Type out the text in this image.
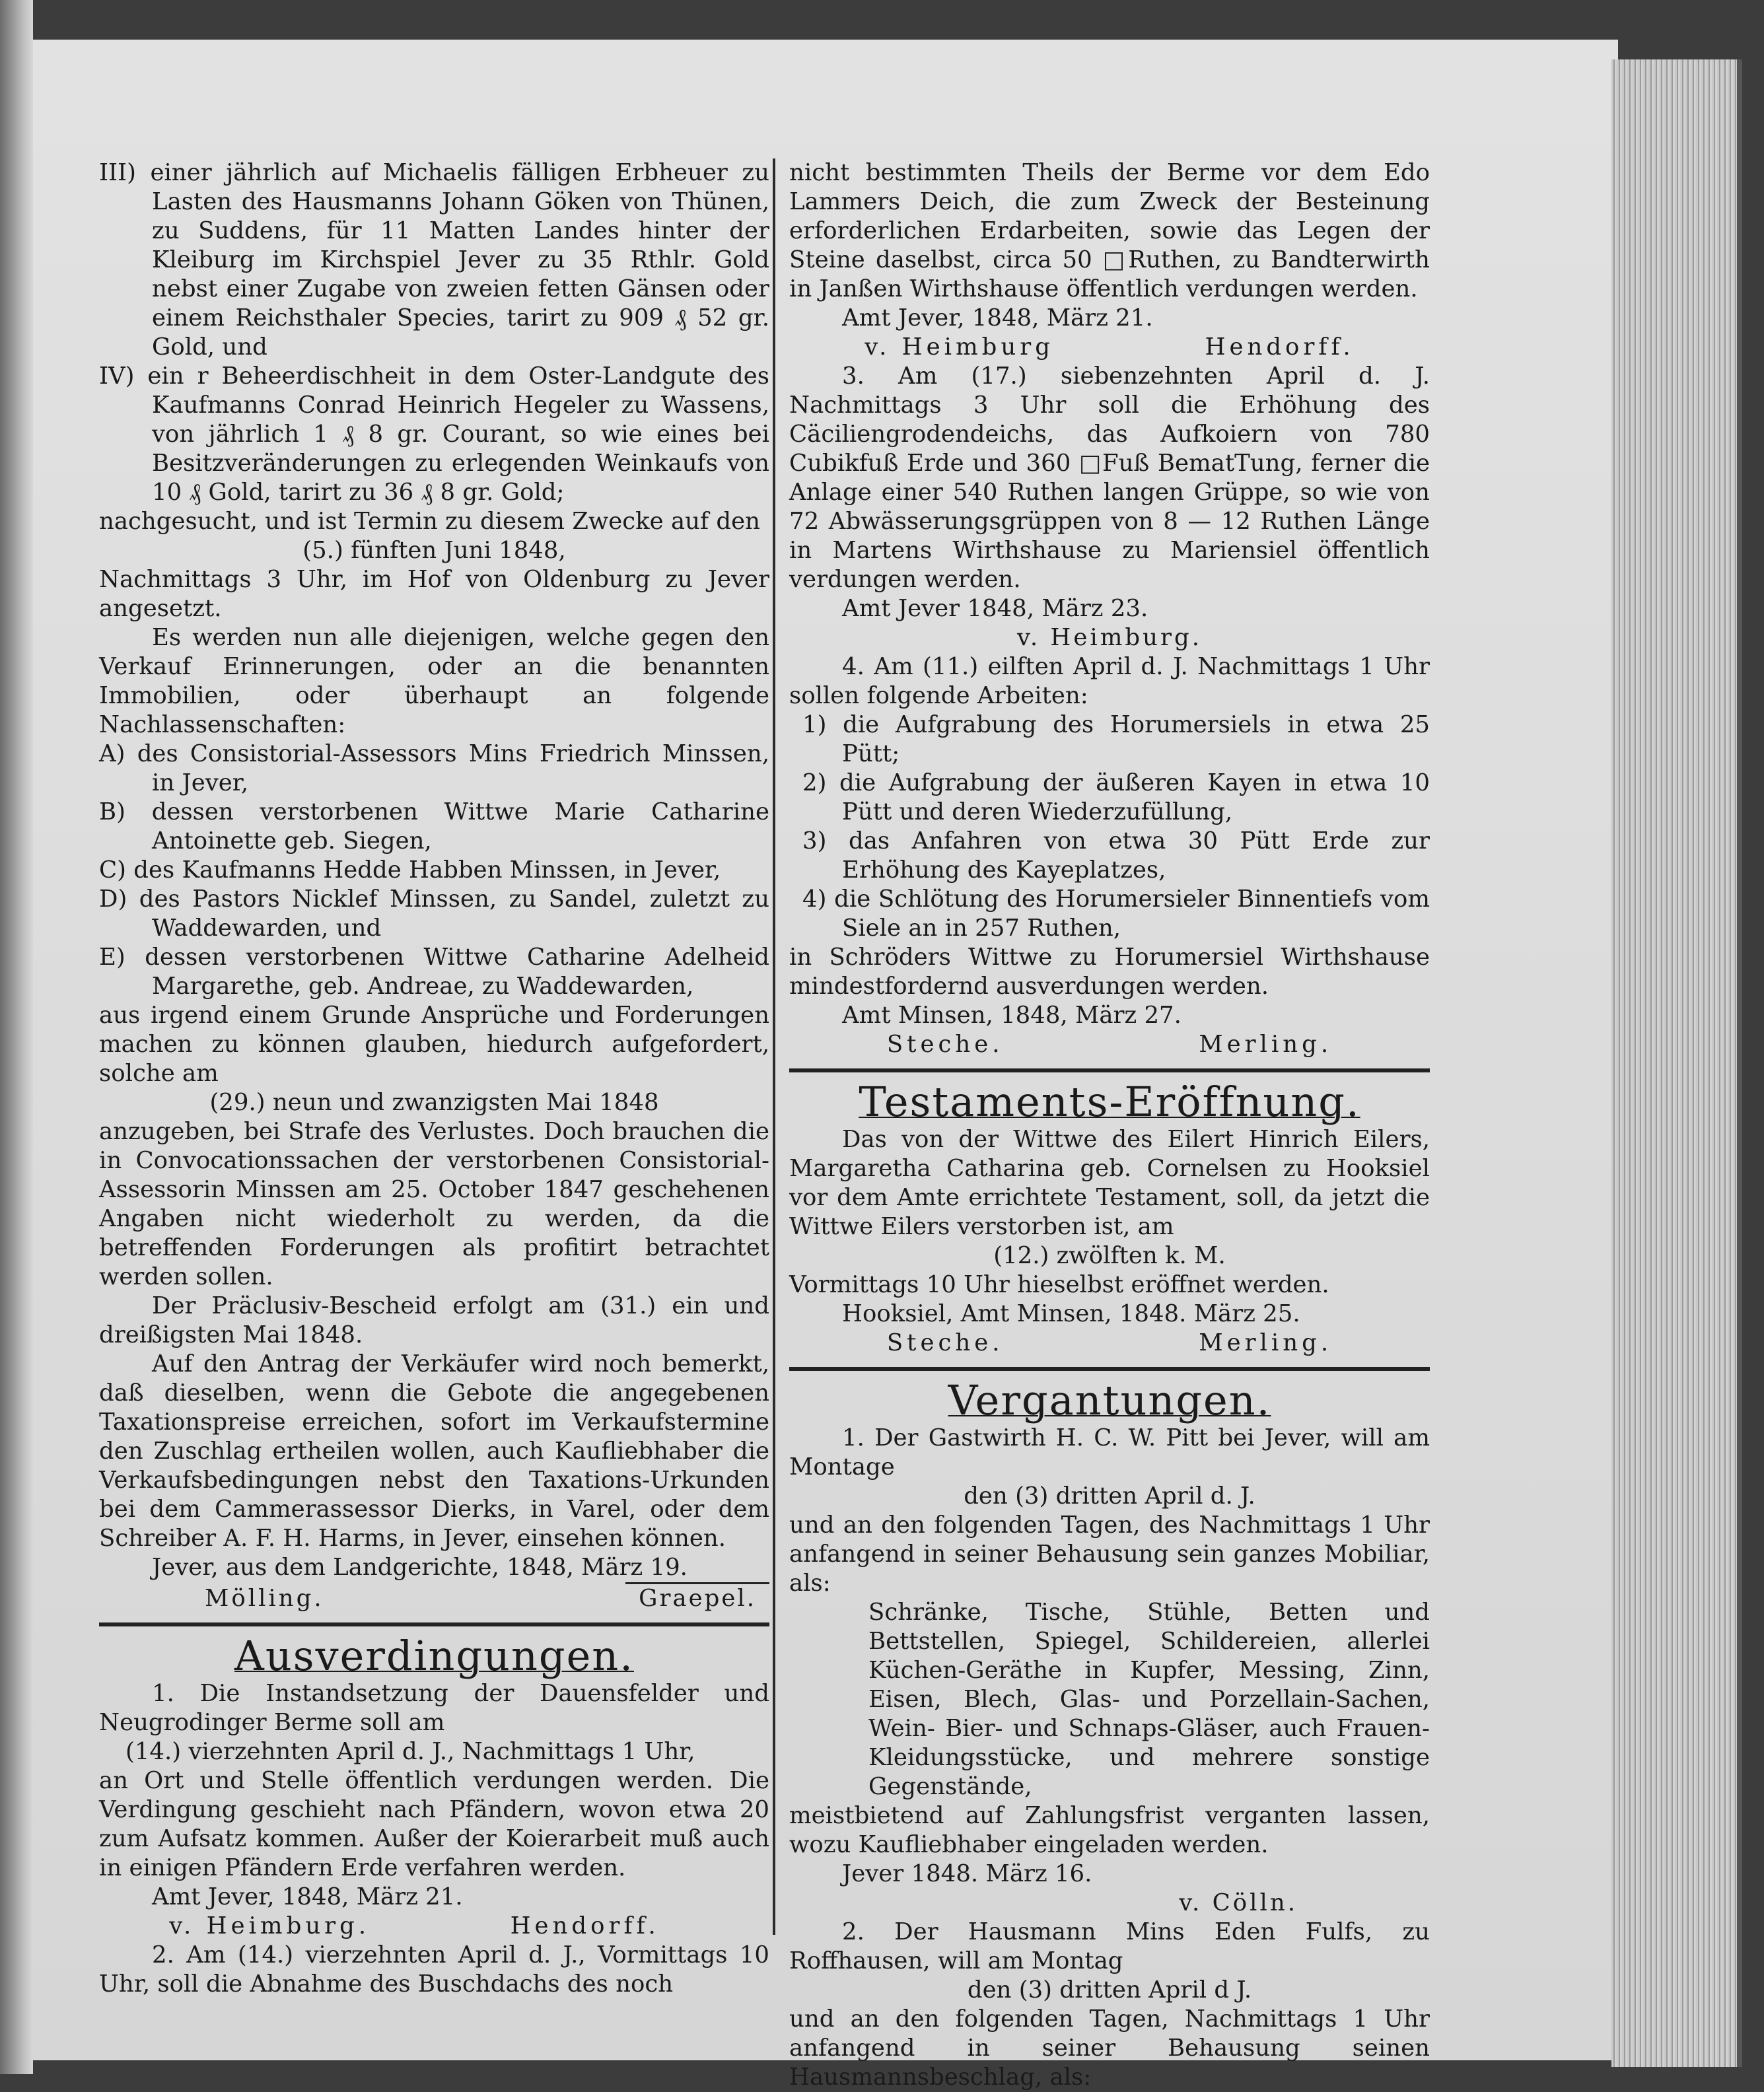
III) einer jährlich auf Michaelis fälligen Erbheuer zu Lasten des Hausmanns Johann Göken von Thünen, zu Suddens, für 11 Matten Landes hinter der Kleiburg im Kirchspiel Jever zu 35 Rthlr. Gold nebst einer Zugabe von zweien fetten Gänsen oder einem Reichsthaler Species, tarirt zu 909 ₰ 52 gr. Gold, und

IV) ein r Beheerdischheit in dem Oster-Landgute des Kaufmanns Conrad Heinrich Hegeler zu Wassens, von jährlich 1 ₰ 8 gr. Courant, so wie eines bei Besitzveränderungen zu erlegenden Weinkaufs von 10 ₰ Gold, tarirt zu 36 ₰ 8 gr. Gold;

nachgesucht, und ist Termin zu diesem Zwecke auf den

(5.) fünften Juni 1848,

Nachmittags 3 Uhr, im Hof von Oldenburg zu Jever angesetzt.

Es werden nun alle diejenigen, welche gegen den Verkauf Erinnerungen, oder an die benannten Immobilien, oder überhaupt an folgende Nachlassenschaften:

A) des Consistorial-Assessors Mins Friedrich Minssen, in Jever,

B) dessen verstorbenen Wittwe Marie Catharine Antoinette geb. Siegen,

C) des Kaufmanns Hedde Habben Minssen, in Jever,

D) des Pastors Nicklef Minssen, zu Sandel, zuletzt zu Waddewarden, und

E) dessen verstorbenen Wittwe Catharine Adelheid Margarethe, geb. Andreae, zu Waddewarden,

aus irgend einem Grunde Ansprüche und Forderungen machen zu können glauben, hiedurch aufgefordert, solche am

(29.) neun und zwanzigsten Mai 1848

anzugeben, bei Strafe des Verlustes. Doch brauchen die in Convocationssachen der verstorbenen Consistorial-Assessorin Minssen am 25. October 1847 geschehenen Angaben nicht wiederholt zu werden, da die betreffenden Forderungen als profitirt betrachtet werden sollen.

Der Präclusiv-Bescheid erfolgt am (31.) ein und dreißigsten Mai 1848.

Auf den Antrag der Verkäufer wird noch bemerkt, daß dieselben, wenn die Gebote die angegebenen Taxationspreise erreichen, sofort im Verkaufstermine den Zuschlag ertheilen wollen, auch Kaufliebhaber die Verkaufsbedingungen nebst den Taxations-Urkunden bei dem Cammerassessor Dierks, in Varel, oder dem Schreiber A. F. H. Harms, in Jever, einsehen können.

Jever, aus dem Landgerichte, 1848, März 19.

Mölling.	Graepel.
Ausverdingungen.

1. Die Instandsetzung der Dauensfelder und Neugrodinger Berme soll am

(14.) vierzehnten April d. J., Nachmittags 1 Uhr,

an Ort und Stelle öffentlich verdungen werden. Die Verdingung geschieht nach Pfändern, wovon etwa 20 zum Aufsatz kommen. Außer der Koierarbeit muß auch in einigen Pfändern Erde verfahren werden.

Amt Jever, 1848, März 21.

v. Heimburg.	Hendorff.

2. Am (14.) vierzehnten April d. J., Vormittags 10 Uhr, soll die Abnahme des Buschdachs des noch

nicht bestimmten Theils der Berme vor dem Edo Lammers Deich, die zum Zweck der Besteinung erforderlichen Erdarbeiten, sowie das Legen der Steine daselbst, circa 50 □Ruthen, zu Bandterwirth in Janßen Wirthshause öffentlich verdungen werden.

Amt Jever, 1848, März 21.

v. Heimburg	Hendorff.

3. Am (17.) siebenzehnten April d. J. Nachmittags 3 Uhr soll die Erhöhung des Cäciliengrodendeichs, das Aufkoiern von 780 Cubikfuß Erde und 360 □Fuß BematTung, ferner die Anlage einer 540 Ruthen langen Grüppe, so wie von 72 Abwässerungsgrüppen von 8 — 12 Ruthen Länge in Martens Wirthshause zu Mariensiel öffentlich verdungen werden.

Amt Jever 1848, März 23.

v. Heimburg.

4. Am (11.) eilften April d. J. Nachmittags 1 Uhr sollen folgende Arbeiten:

1) die Aufgrabung des Horumersiels in etwa 25 Pütt;

2) die Aufgrabung der äußeren Kayen in etwa 10 Pütt und deren Wiederzufüllung,

3) das Anfahren von etwa 30 Pütt Erde zur Erhöhung des Kayeplatzes,

4) die Schlötung des Horumersieler Binnentiefs vom Siele an in 257 Ruthen,

in Schröders Wittwe zu Horumersiel Wirthshause mindestfordernd ausverdungen werden.

Amt Minsen, 1848, März 27.

Steche.	Merling.
Testaments-Eröffnung.

Das von der Wittwe des Eilert Hinrich Eilers, Margaretha Catharina geb. Cornelsen zu Hooksiel vor dem Amte errichtete Testament, soll, da jetzt die Wittwe Eilers verstorben ist, am

(12.) zwölften k. M.

Vormittags 10 Uhr hieselbst eröffnet werden.

Hooksiel, Amt Minsen, 1848. März 25.

Steche.	Merling.
Vergantungen.

1. Der Gastwirth H. C. W. Pitt bei Jever, will am Montage

den (3) dritten April d. J.

und an den folgenden Tagen, des Nachmittags 1 Uhr anfangend in seiner Behausung sein ganzes Mobiliar, als:

Schränke, Tische, Stühle, Betten und Bettstellen, Spiegel, Schildereien, allerlei Küchen-Geräthe in Kupfer, Messing, Zinn, Eisen, Blech, Glas- und Porzellain-Sachen, Wein- Bier- und Schnaps-Gläser, auch Frauen-Kleidungsstücke, und mehrere sonstige Gegenstände,

meistbietend auf Zahlungsfrist verganten lassen, wozu Kaufliebhaber eingeladen werden.

Jever 1848. März 16.

v. Cölln.

2. Der Hausmann Mins Eden Fulfs, zu Roffhausen, will am Montag

den (3) dritten April d J.

und an den folgenden Tagen, Nachmittags 1 Uhr anfangend in seiner Behausung seinen Hausmannsbeschlag, als:
